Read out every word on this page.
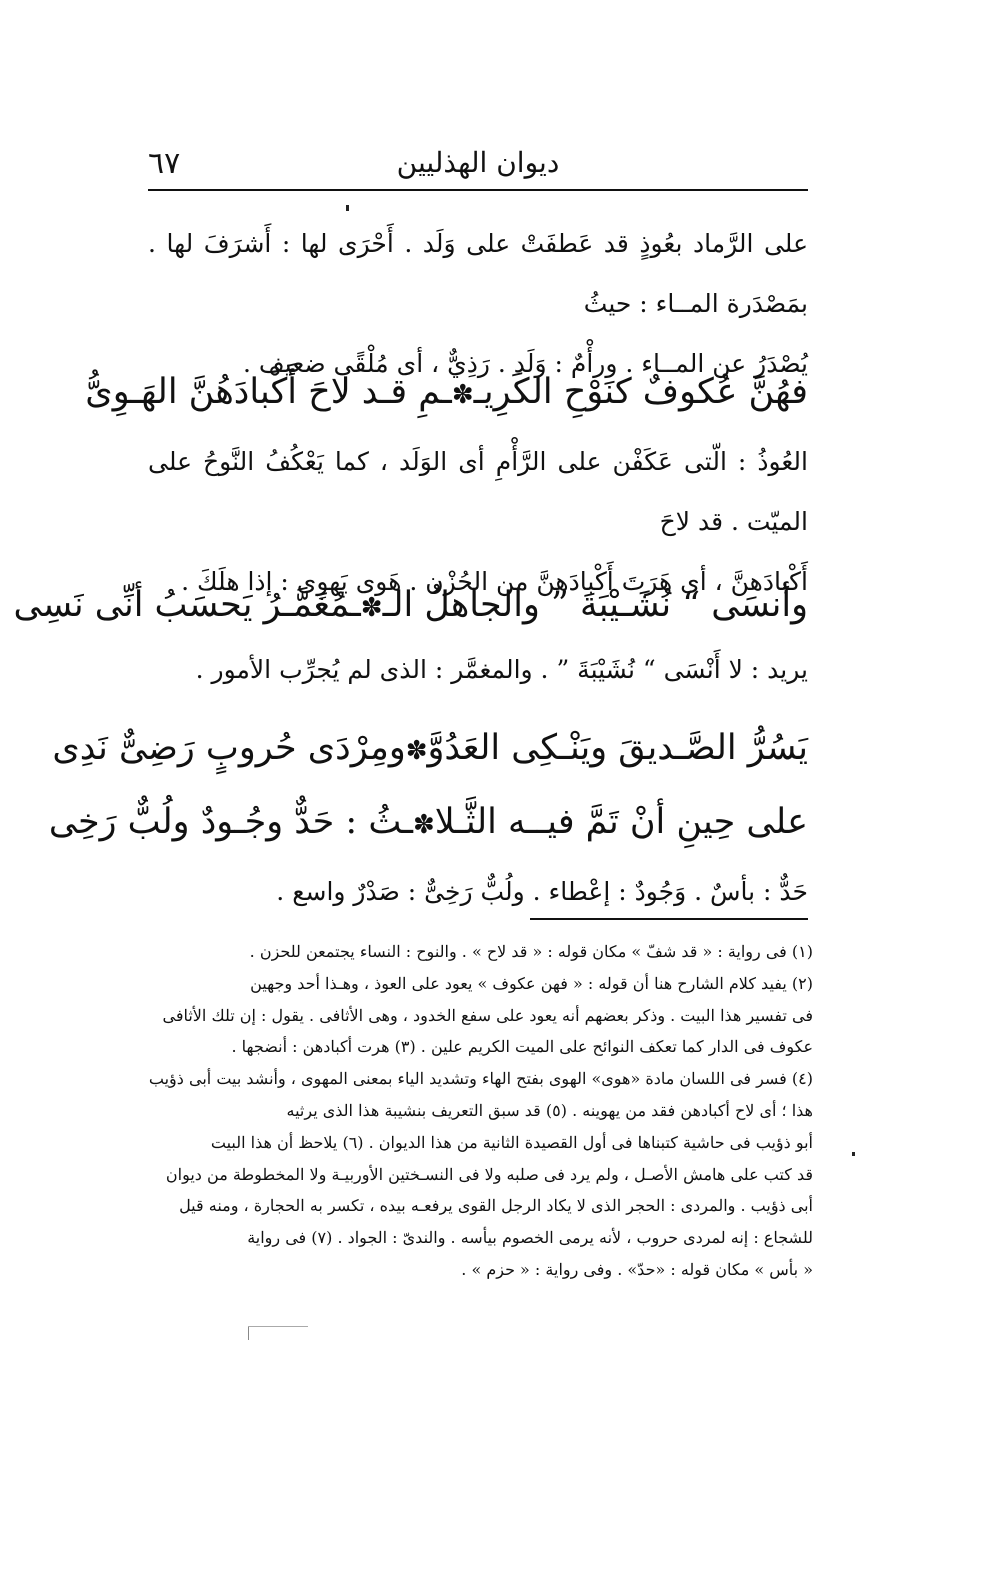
ديوان الهذليين
٦٧

على الرَّماد بعُوذٍ قد عَطفَتْ على وَلَد . أَحْرَى لها : أَشرَفَ لها . بمَصْدَرة المــاء : حيثُ

يُصْدَرُ عن المــاء . ورأْمٌ : وَلَد . رَذِيٌّ ، أى مُلْقًى ضعيف .

فهُنَّ عُكوفٌ كنَوْحِ الكَرِيـ
✽
ـمِ قـد لاحَ أَكْبادَهُنَّ الهَـوِىُّ

العُوذُ : الّتى عَكَفْن على الرَّأْمِ أى الوَلَد ، كما يَعْكُفُ النَّوحُ على الميّت . قد لاحَ

أَكْبادَهنَّ ، أى هَرَتَ أَكْبادَهنَّ من الحُزْن . هَوى يَهوِى : إذا هلَكَ .

وأنسَى “ نُشَـيْبَةَ ” والجاهلُ الـ
✽
ـمُغَمَّـرُ يَحسَبُ أنِّى نَسِى

يريد : لا أَنْسَى “ نُشَيْبَةَ ” . والمغمَّر : الذى لم يُجرِّب الأمور .

يَسُرُّ الصَّـديقَ ويَنْـكِى العَدُوَّ
✽
ومِرْدَى حُروبٍ رَضِىٌّ نَدِى
على حِينِ أنْ تَمَّ فيــه الثَّـلا
✽
ـثُ : حَدٌّ وجُـودٌ ولُبٌّ رَخِى

حَدٌّ : بأسٌ . وَجُودٌ : إعْطاء . ولُبٌّ رَخِىٌّ : صَدْرٌ واسع .

(١) فى رواية : « قد شفّ » مكان قوله : « قد لاح » . والنوح : النساء يجتمعن للحزن .

(٢) يفيد كلام الشارح هنا أن قوله : « فهن عكوف » يعود على العوذ ، وهـذا أحد وجهين

فى تفسير هذا البيت . وذكر بعضهم أنه يعود على سفع الخدود ، وهى الأثافى . يقول : إن تلك الأثافى

عكوف فى الدار كما تعكف النوائح على الميت الكريم علين . (٣) هرت أكبادهن : أنضجها .

(٤) فسر فى اللسان مادة «هوى» الهوى بفتح الهاء وتشديد الياء بمعنى المهوى ، وأنشد بيت أبى ذؤيب

هذا ؛ أى لاح أكبادهن فقد من يهوينه . (٥) قد سبق التعريف بنشيبة هذا الذى يرثيه

أبو ذؤيب فى حاشية كتبناها فى أول القصيدة الثانية من هذا الديوان . (٦) يلاحظ أن هذا البيت

قد كتب على هامش الأصـل ، ولم يرد فى صلبه ولا فى النسـختين الأوربيـة ولا المخطوطة من ديوان

أبى ذؤيب . والمردى : الحجر الذى لا يكاد الرجل القوى يرفعـه بيده ، تكسر به الحجارة ، ومنه قيل

للشجاع : إنه لمردى حروب ، لأنه يرمى الخصوم بيأسه . والندىّ : الجواد . (٧) فى رواية

« بأس » مكان قوله : «حدّ» . وفى رواية : « حزم » .
